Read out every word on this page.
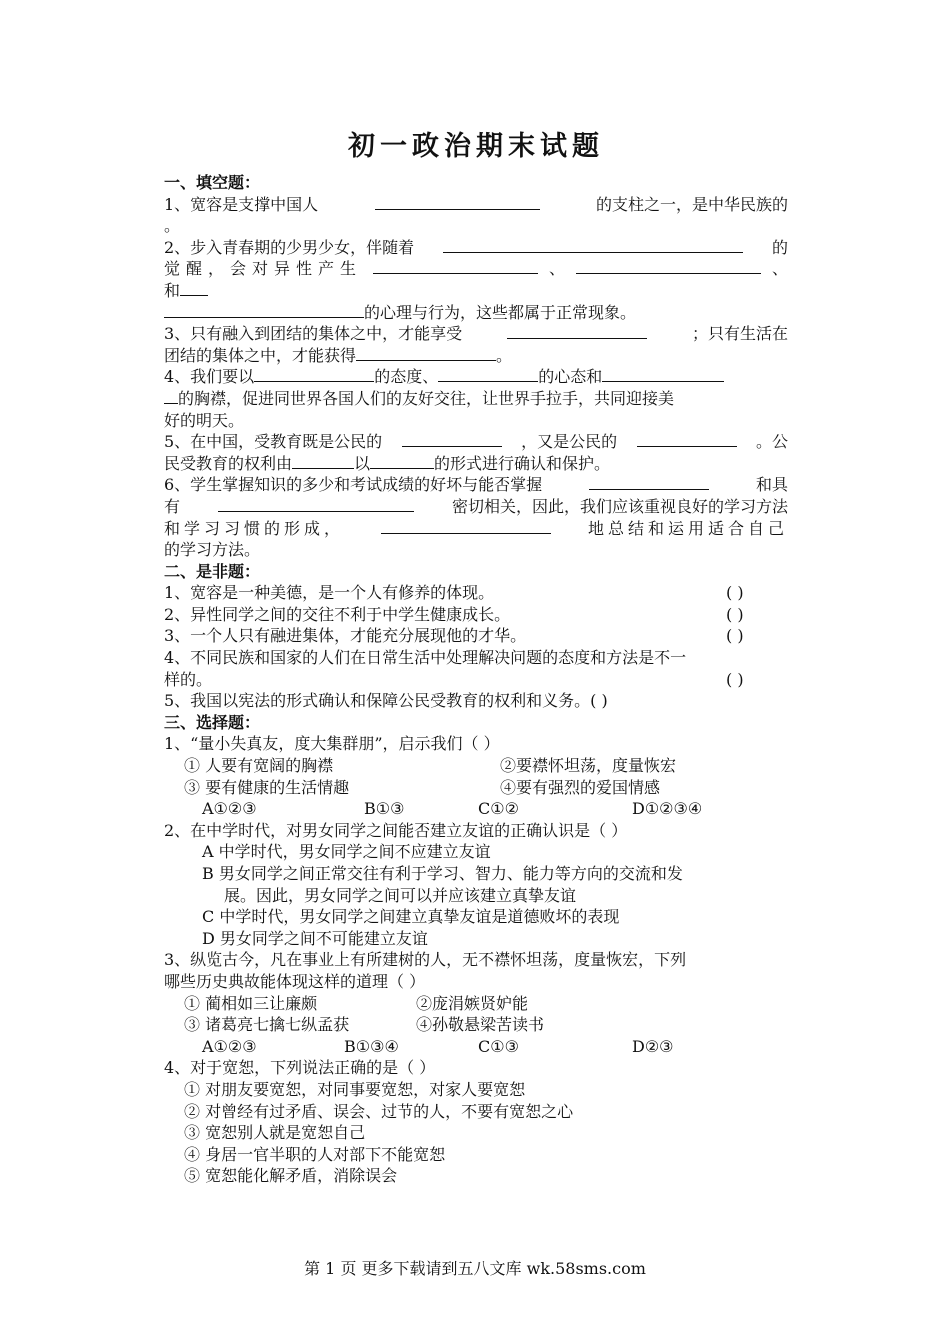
初一政治期末试题
一、填空题：
1、宽容是支撑中国人	的支柱之一，是中华民族的
。
2、步入青春期的少男少女，伴随着	的
觉醒，会对异性产生	、	、
和
的心理与行为，这些都属于正常现象。
3、只有融入到团结的集体之中，才能享受	；只有生活在
团结的集体之中，才能获得	。
4、我们要以	的态度、	的心态和
的胸襟，促进同世界各国人们的友好交往，让世界手拉手，共同迎接美
好的明天。
5、在中国，受教育既是公民的	，又是公民的	。公
民受教育的权利由	以	的形式进行确认和保护。
6、学生掌握知识的多少和考试成绩的好坏与能否掌握	和具
有	密切相关，因此，我们应该重视良好的学习方法
和学习习惯的形成，	地总结和运用适合自己
的学习方法。
二、是非题：
1、宽容是一种美德，是一个人有修养的体现。	( )
2、异性同学之间的交往不利于中学生健康成长。	( )
3、一个人只有融进集体，才能充分展现他的才华。	( )
4、不同民族和国家的人们在日常生活中处理解决问题的态度和方法是不一
样的。	( )
5、我国以宪法的形式确认和保障公民受教育的权利和义务。( )
三、选择题：
1、“量小失真友，度大集群朋”，启示我们（ ）
① 人要有宽阔的胸襟	②要襟怀坦荡，度量恢宏
③ 要有健康的生活情趣	④要有强烈的爱国情感
A①②③	B①③	C①②	D①②③④
2、在中学时代，对男女同学之间能否建立友谊的正确认识是（ ）
A 中学时代，男女同学之间不应建立友谊
B 男女同学之间正常交往有利于学习、智力、能力等方向的交流和发
展。因此，男女同学之间可以并应该建立真挚友谊
C 中学时代，男女同学之间建立真挚友谊是道德败坏的表现
D 男女同学之间不可能建立友谊
3、纵览古今，凡在事业上有所建树的人，无不襟怀坦荡，度量恢宏，下列
哪些历史典故能体现这样的道理（ ）
① 蔺相如三让廉颇	②庞涓嫉贤妒能
③ 诸葛亮七擒七纵孟获	④孙敬悬梁苦读书
A①②③	B①③④	C①③	D②③
4、对于宽恕，下列说法正确的是（ ）
① 对朋友要宽恕，对同事要宽恕，对家人要宽恕
② 对曾经有过矛盾、误会、过节的人，不要有宽恕之心
③ 宽恕别人就是宽恕自己
④ 身居一官半职的人对部下不能宽恕
⑤ 宽恕能化解矛盾，消除误会
第 1 页 更多下载请到五八文库 wk.58sms.com
